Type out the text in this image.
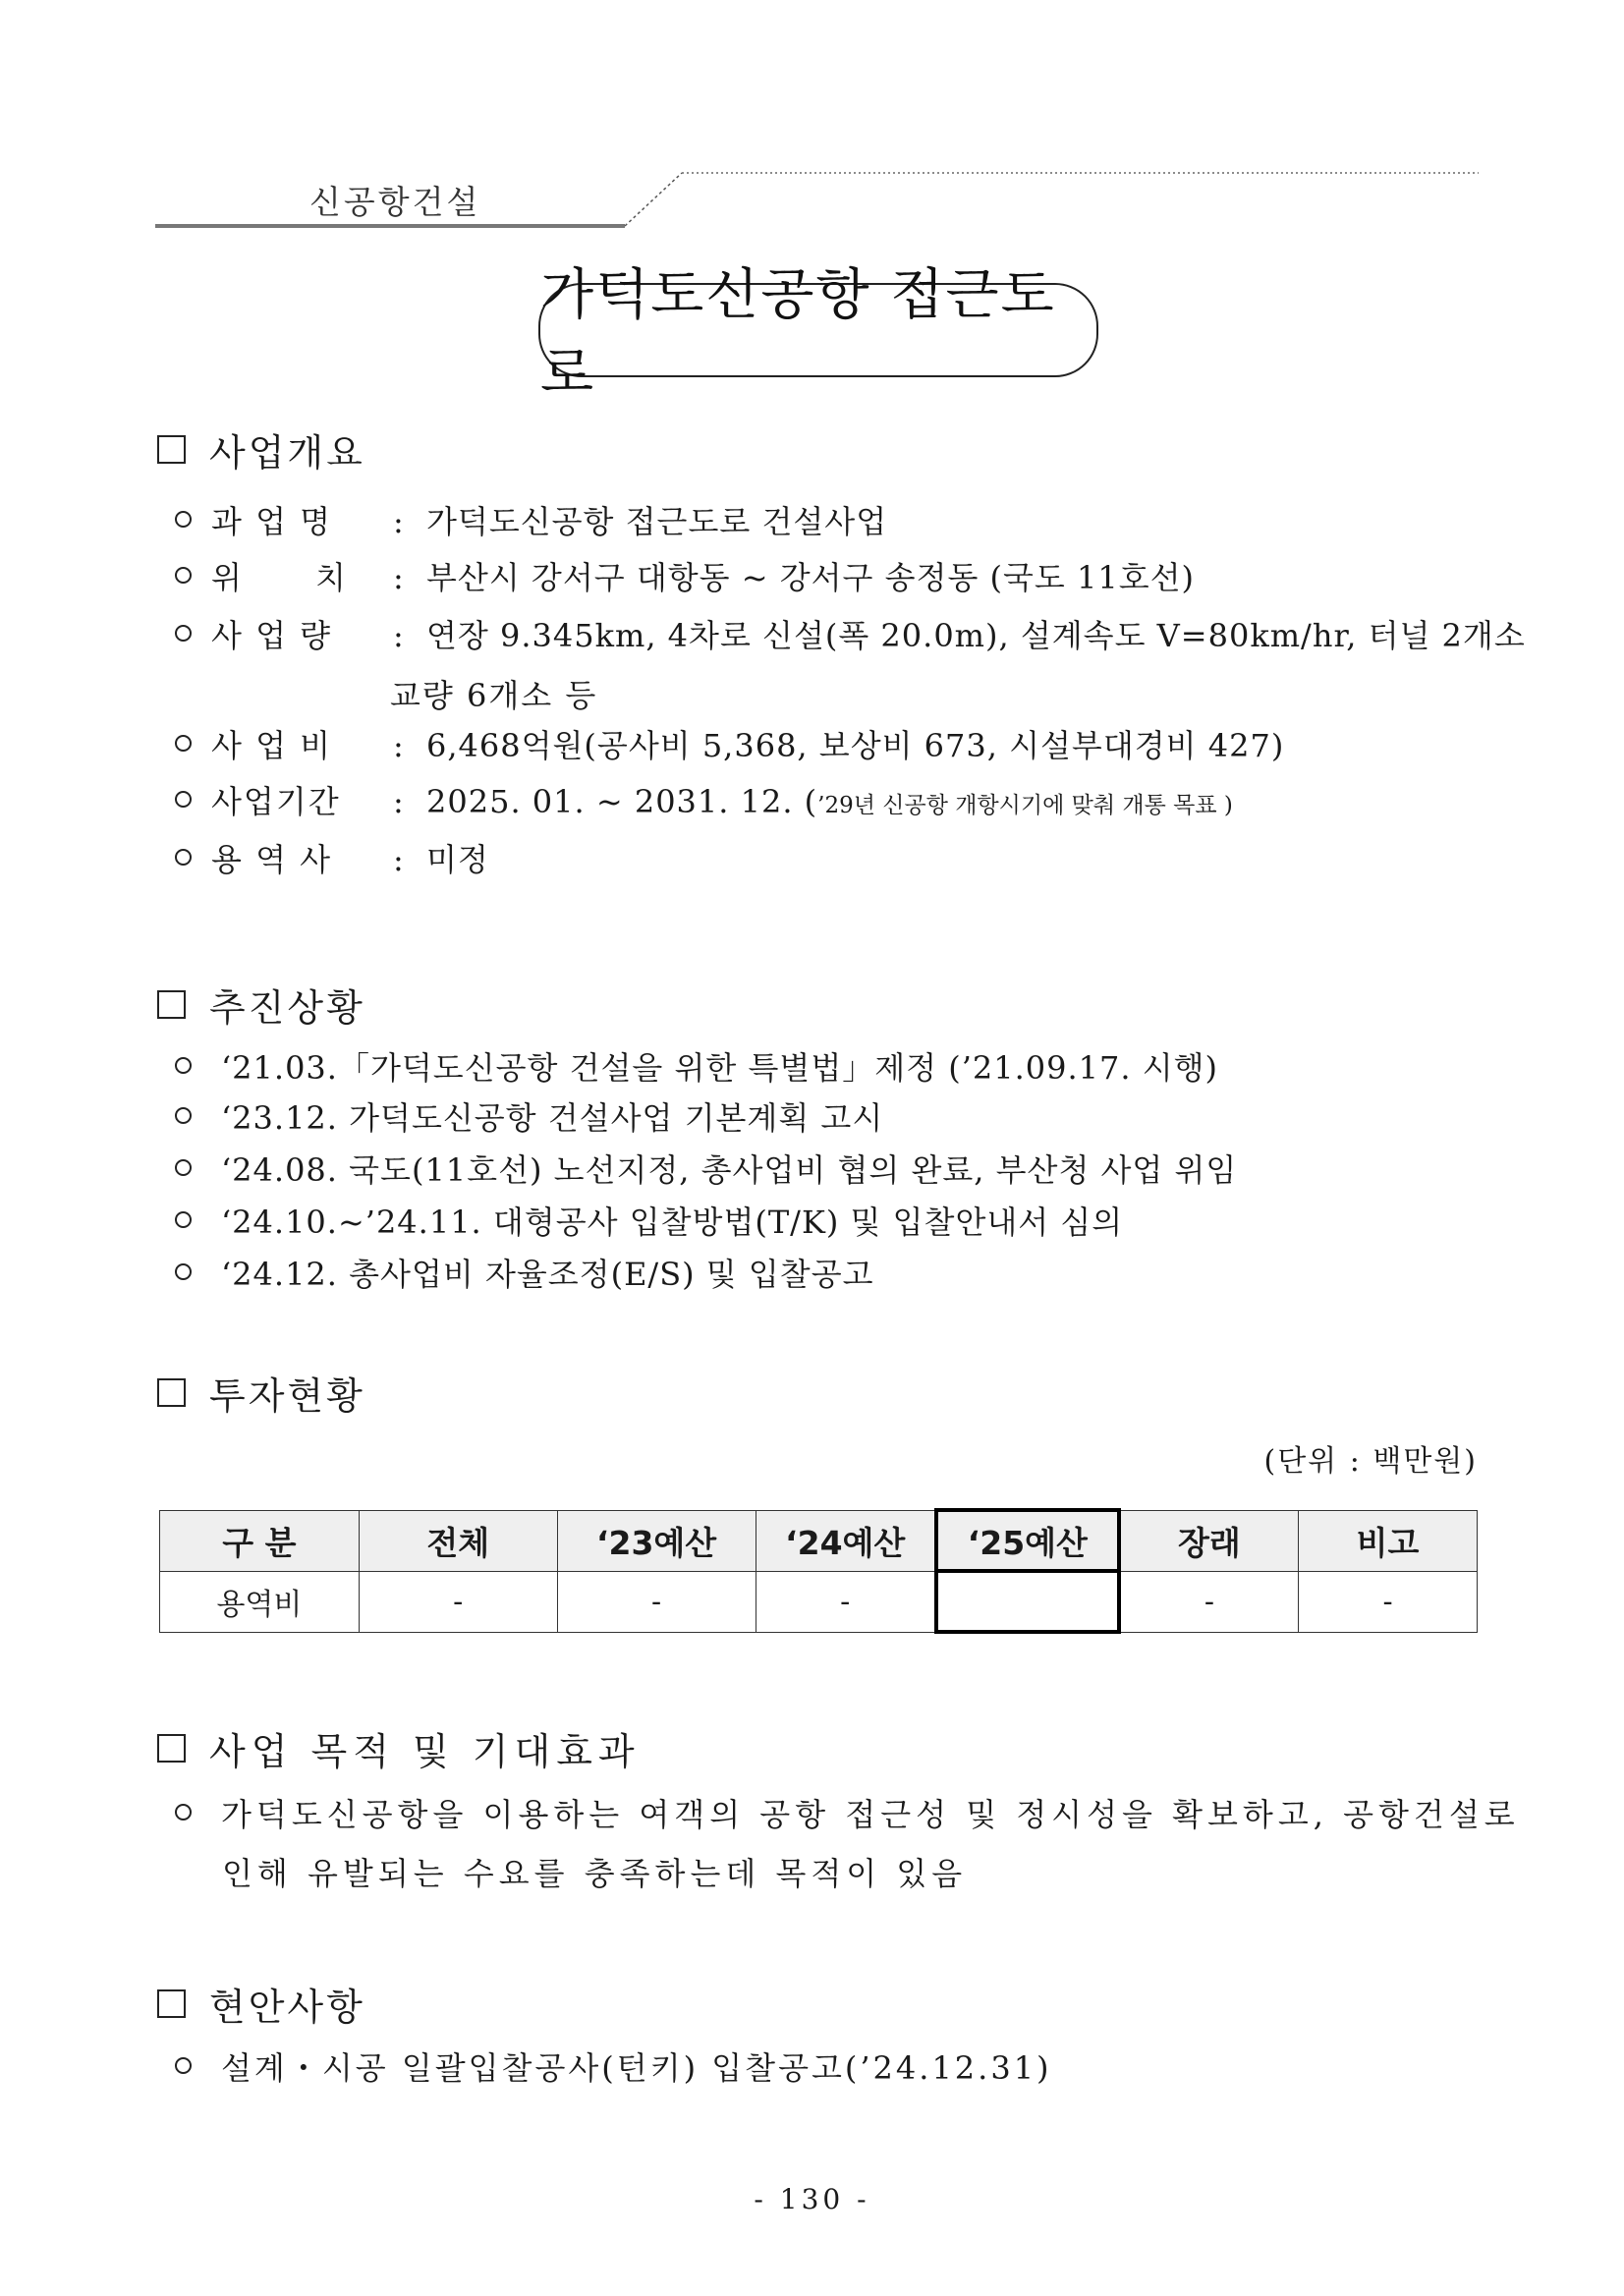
신공항건설
가덕도신공항 접근도로
사업개요
과 업 명	: 가덕도신공항 접근도로 건설사업
위      치	: 부산시 강서구 대항동 ~ 강서구 송정동 (국도 11호선)
사 업 량	: 연장 9.345km, 4차로 신설(폭 20.0m), 설계속도 V=80km/hr, 터널 2개소
교량 6개소 등
사 업 비	: 6,468억원(공사비 5,368, 보상비 673, 시설부대경비 427)
사업기간	: 2025. 01. ~ 2031. 12. ( ’29년 신공항 개항시기에 맞춰 개통 목표 )
용 역 사	: 미정
추진상황
‘21.03.「가덕도신공항 건설을 위한 특별법」제정 (’21.09.17. 시행)
‘23.12. 가덕도신공항 건설사업 기본계획 고시
‘24.08. 국도 (11호선) 노선지정, 총사업비 협의 완료, 부산청 사업 위임
‘24.10.~’24.11. 대형공사 입찰방법(T/K) 및 입찰안내서 심의
‘24.12. 총사업비 자율조정(E/S) 및 입찰공고
투자현황
(단위 : 백만원)
구 분	전체	‘23예산	‘24예산	‘25예산	장래	비고
용역비	-	-	-		-	-
사업 목적 및 기대효과
가덕도신공항을 이용하는 여객의 공항 접근성 및 정시성을 확보하고, 공항건설로
인해 유발되는 수요를 충족하는데 목적이 있음
현안사항
설계・시공 일괄입찰공사(턴키) 입찰공고(’24.12.31)
- 130 -
